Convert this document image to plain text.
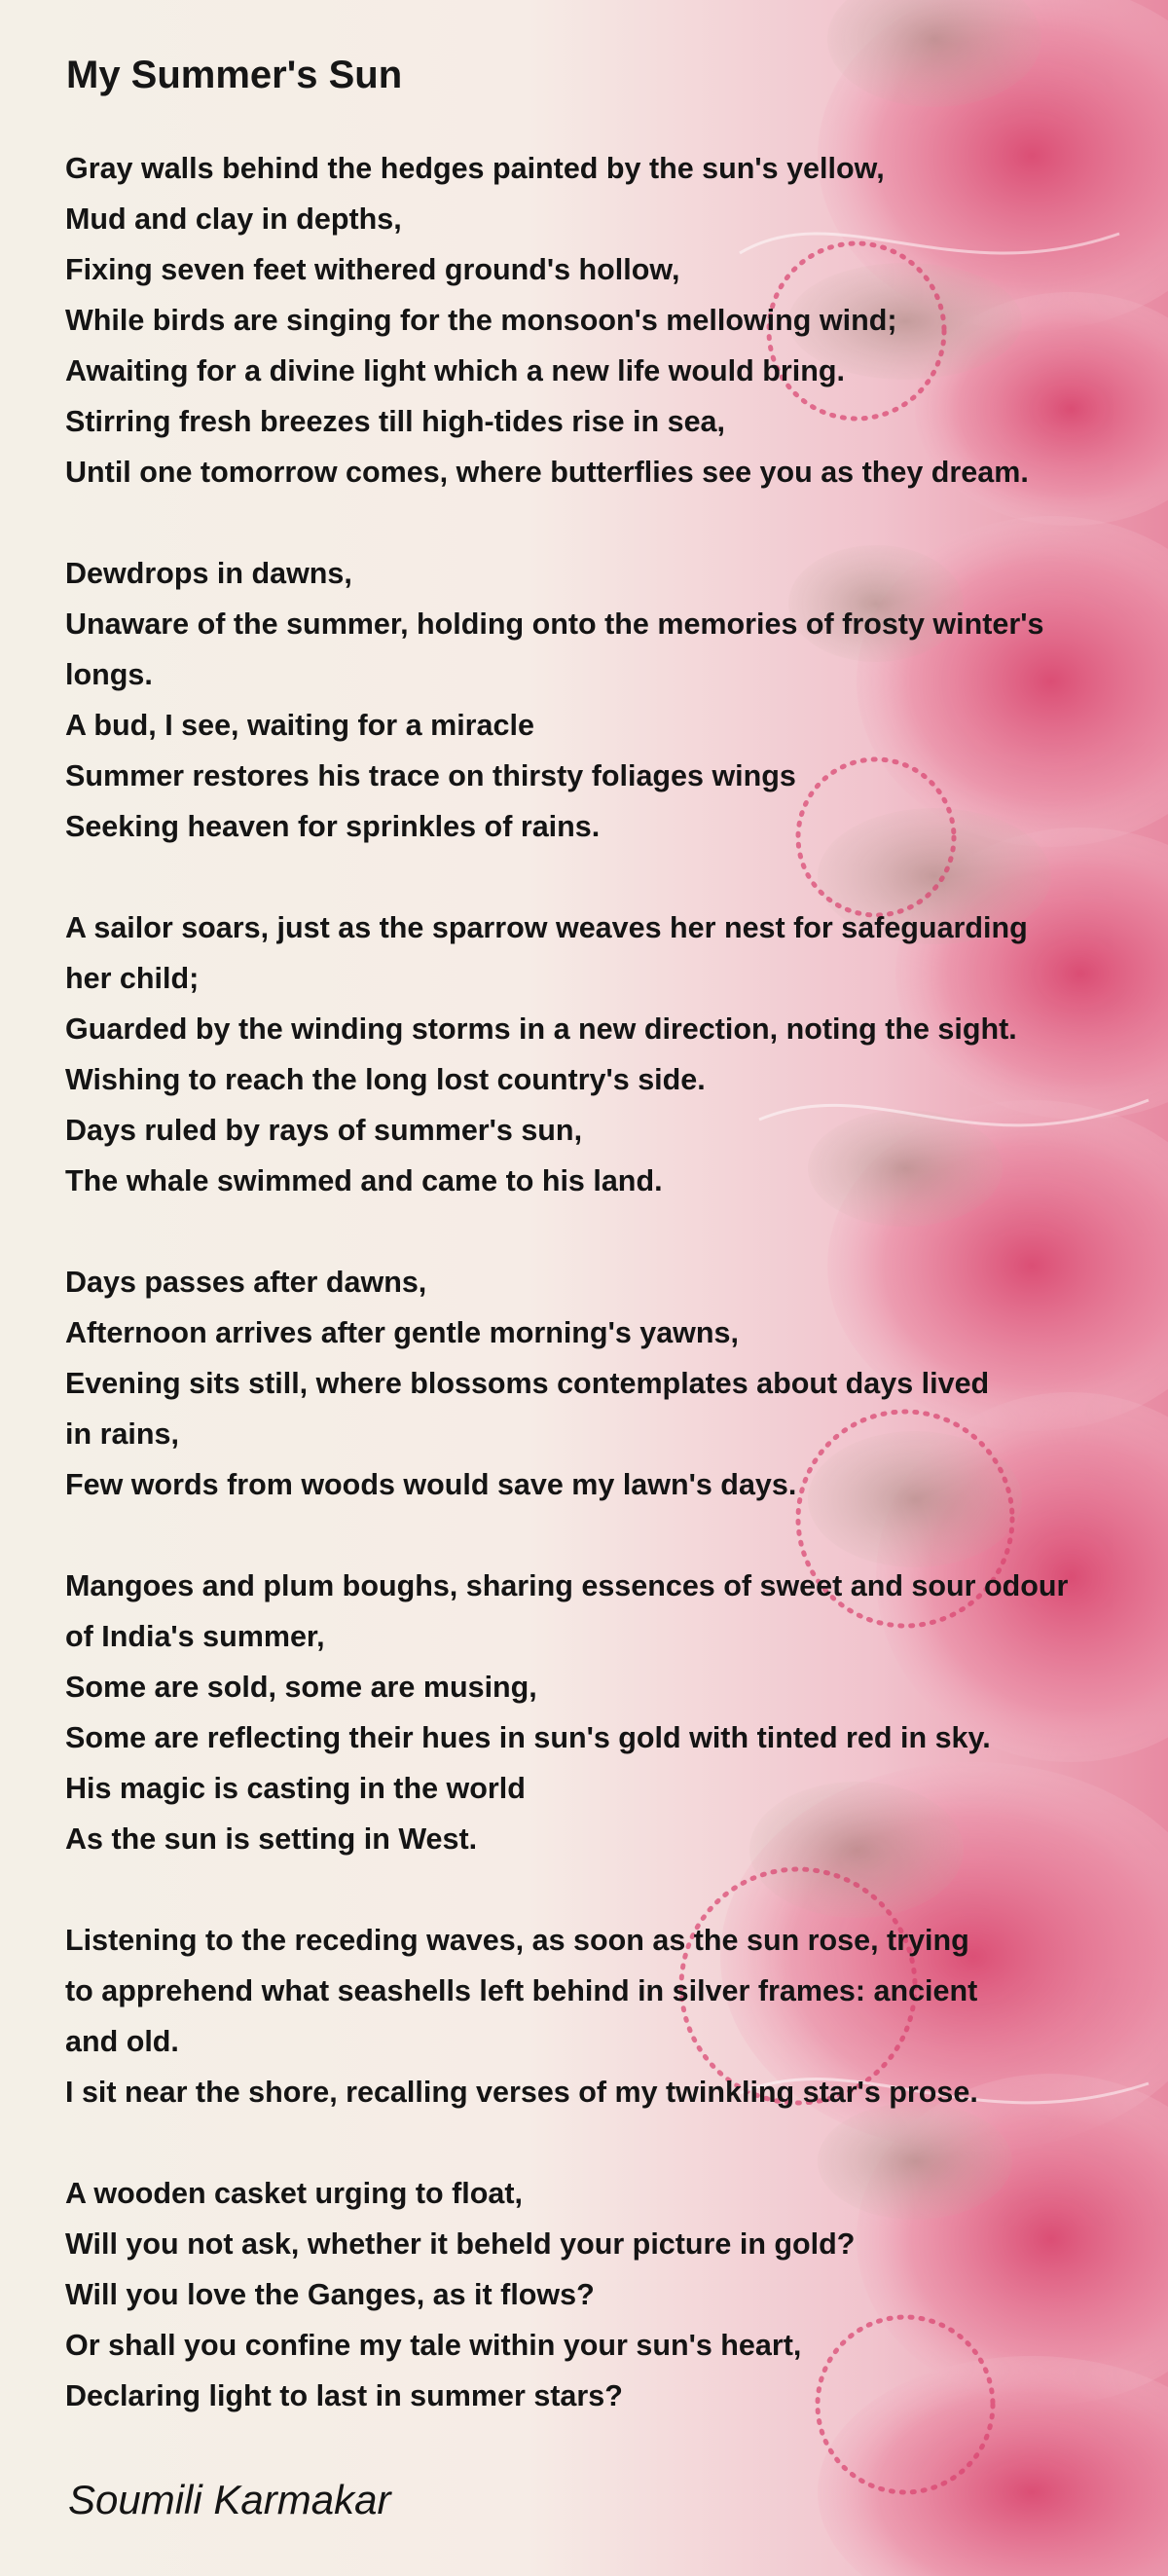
My Summer's Sun
Gray walls behind the hedges painted by the sun's yellow,
Mud and clay in depths,
Fixing seven feet withered ground's hollow,
While birds are singing for the monsoon's mellowing wind;
Awaiting for a divine light which a new life would bring.
Stirring fresh breezes till high-tides rise in sea,
Until one tomorrow comes, where butterflies see you as they dream.
Dewdrops in dawns,
Unaware of the summer, holding onto the memories of frosty winter's
longs.
A bud, I see, waiting for a miracle
Summer restores his trace on thirsty foliages wings
Seeking heaven for sprinkles of rains.
A sailor soars, just as the sparrow weaves her nest for safeguarding
her child;
Guarded by the winding storms in a new direction, noting the sight.
Wishing to reach the long lost country's side.
Days ruled by rays of summer's sun,
The whale swimmed and came to his land.
Days passes after dawns,
Afternoon arrives after gentle morning's yawns,
Evening sits still, where blossoms contemplates about days lived
in rains,
Few words from woods would save my lawn's days.
Mangoes and plum boughs, sharing essences of sweet and sour odour
of India's summer,
Some are sold, some are musing,
Some are reflecting their hues in sun's gold with tinted red in sky.
His magic is casting in the world
As the sun is setting in West.
Listening to the receding waves, as soon as the sun rose, trying
to apprehend what seashells left behind in silver frames: ancient
and old.
I sit near the shore, recalling verses of my twinkling star's prose.
A wooden casket urging to float,
Will you not ask, whether it beheld your picture in gold?
Will you love the Ganges, as it flows?
Or shall you confine my tale within your sun's heart,
Declaring light to last in summer stars?
Soumili Karmakar
